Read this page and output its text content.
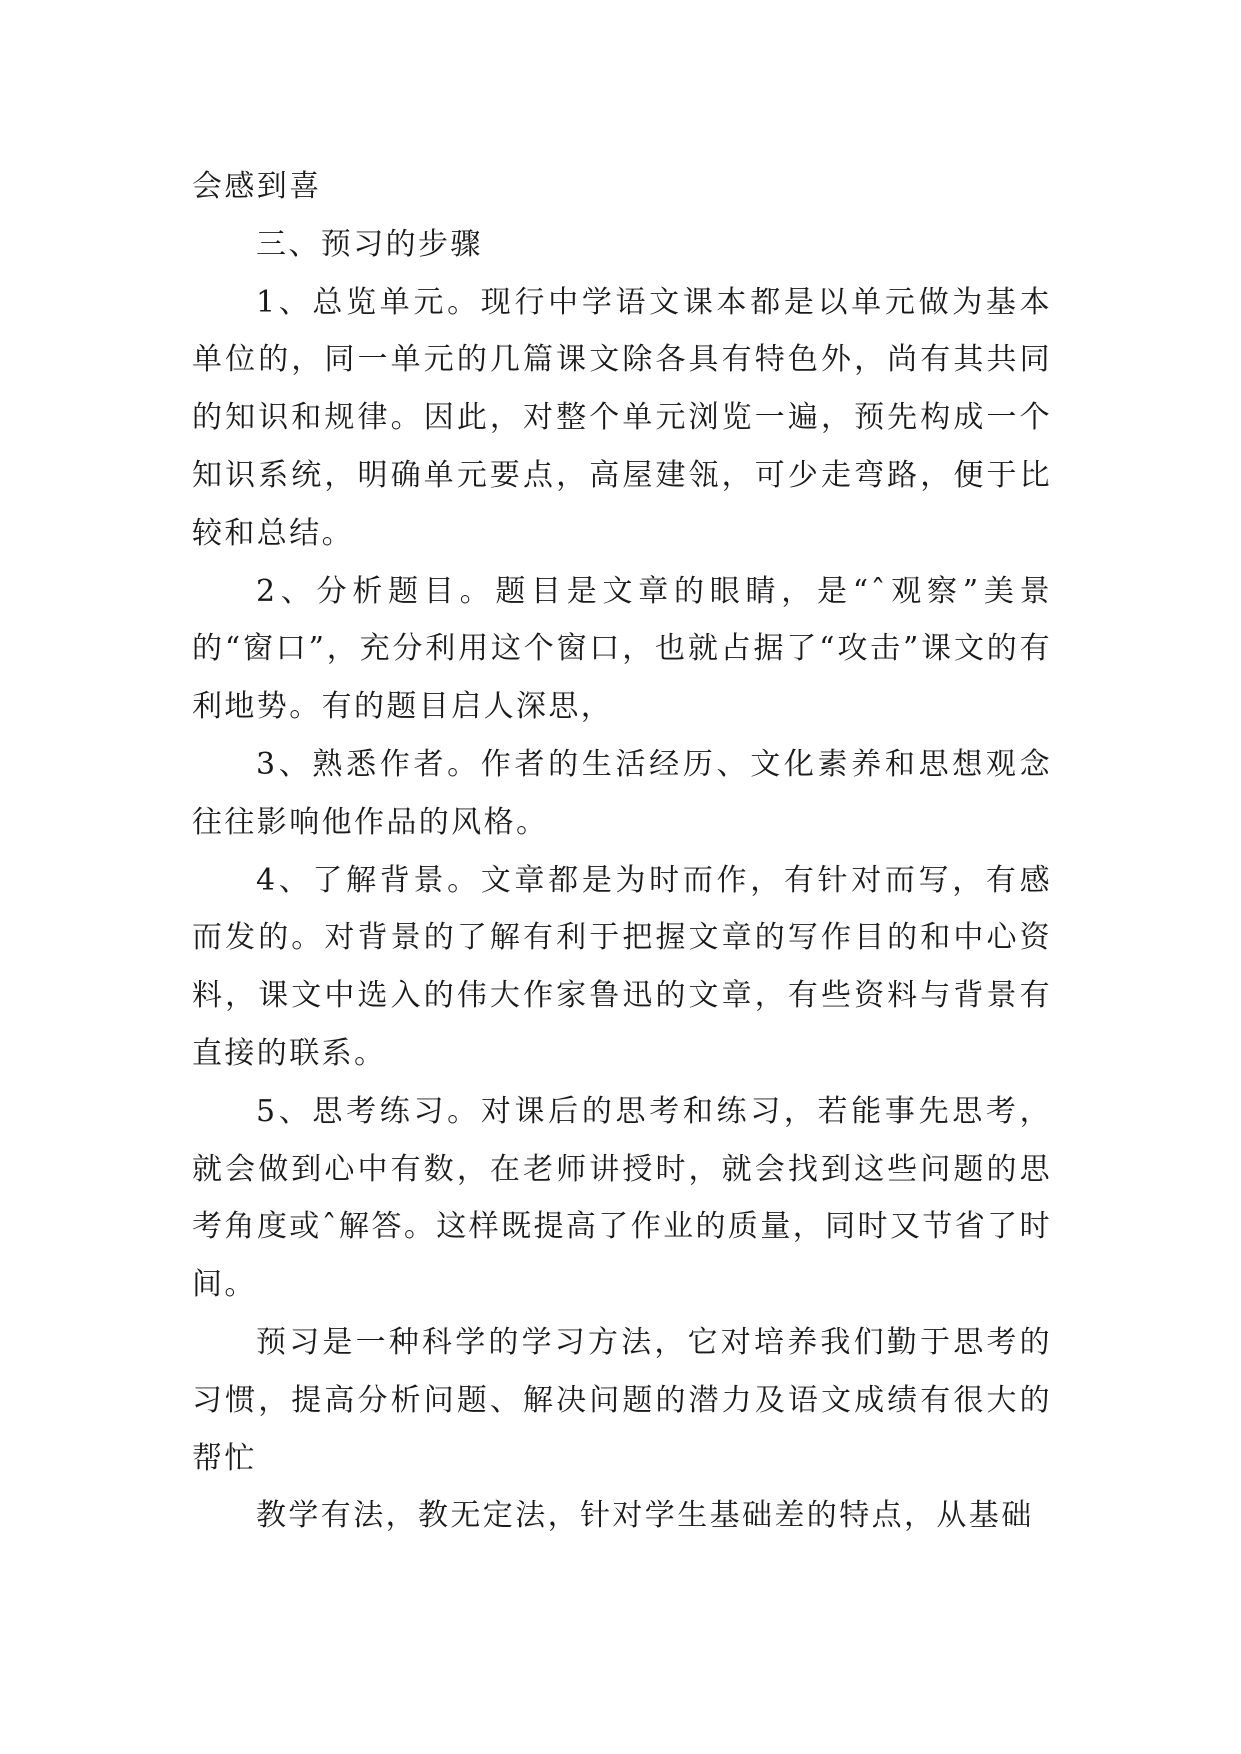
会感到喜

三、预习的步骤

1、总览单元。现行中学语文课本都是以单元做为基本单位的，同一单元的几篇课文除各具有特色外，尚有其共同的知识和规律。因此，对整个单元浏览一遍，预先构成一个知识系统，明确单元要点，高屋建瓴，可少走弯路，便于比较和总结。

2、分析题目。题目是文章的眼睛，是“ˆ观察”美景的“窗口”，充分利用这个窗口，也就占据了“攻击”课文的有利地势。有的题目启人深思，

3、熟悉作者。作者的生活经历、文化素养和思想观念往往影响他作品的风格。

4、了解背景。文章都是为时而作，有针对而写，有感而发的。对背景的了解有利于把握文章的写作目的和中心资料，课文中选入的伟大作家鲁迅的文章，有些资料与背景有直接的联系。

5、思考练习。对课后的思考和练习，若能事先思考，就会做到心中有数，在老师讲授时，就会找到这些问题的思考角度或ˆ解答。这样既提高了作业的质量，同时又节省了时间。

预习是一种科学的学习方法，它对培养我们勤于思考的习惯，提高分析问题、解决问题的潜力及语文成绩有很大的帮忙

教学有法，教无定法，针对学生基础差的特点，从基础
